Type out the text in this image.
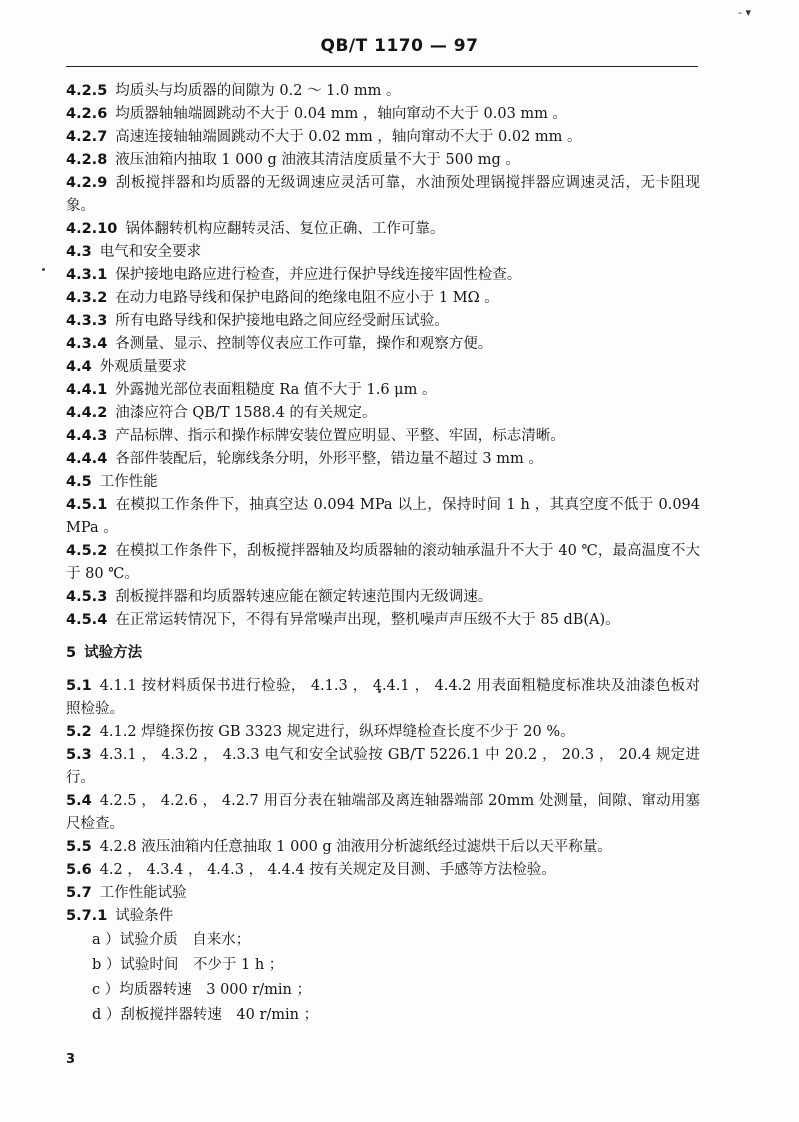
- ▾
QB/T 1170 — 97

4.2.5 均质头与均质器的间隙为 0.2 ～ 1.0 mm 。

4.2.6 均质器轴轴端圆跳动不大于 0.04 mm ，轴向窜动不大于 0.03 mm 。

4.2.7 高速连接轴轴端圆跳动不大于 0.02 mm ，轴向窜动不大于 0.02 mm 。

4.2.8 液压油箱内抽取 1 000 g 油液其清洁度质量不大于 500 mg 。

4.2.9 刮板搅拌器和均质器的无级调速应灵活可靠，水油预处理锅搅拌器应调速灵活，无卡阻现象。

4.2.10 锅体翻转机构应翻转灵活、复位正确、工作可靠。

4.3 电气和安全要求

4.3.1 保护接地电路应进行检查，并应进行保护导线连接牢固性检查。

4.3.2 在动力电路导线和保护电路间的绝缘电阻不应小于 1 MΩ 。

4.3.3 所有电路导线和保护接地电路之间应经受耐压试验。

4.3.4 各测量、显示、控制等仪表应工作可靠，操作和观察方便。

4.4 外观质量要求

4.4.1 外露抛光部位表面粗糙度 Ra 值不大于 1.6 μm 。

4.4.2 油漆应符合 QB/T 1588.4 的有关规定。

4.4.3 产品标牌、指示和操作标牌安装位置应明显、平整、牢固，标志清晰。

4.4.4 各部件装配后，轮廓线条分明，外形平整，错边量不超过 3 mm 。

4.5 工作性能

4.5.1 在模拟工作条件下，抽真空达 0.094 MPa 以上，保持时间 1 h ，其真空度不低于 0.094 MPa 。

4.5.2 在模拟工作条件下，刮板搅拌器轴及均质器轴的滚动轴承温升不大于 40 ℃，最高温度不大于 80 ℃。

4.5.3 刮板搅拌器和均质器转速应能在额定转速范围内无级调速。

4.5.4 在正常运转情况下，不得有异常噪声出现，整机噪声声压级不大于 85 dB(A)。

5 试验方法

5.1 4.1.1 按材料质保书进行检验， 4.1.3 ， 4.4.1 ， 4.4.2 用表面粗糙度标准块及油漆色板对照检验。

5.2 4.1.2 焊缝探伤按 GB 3323 规定进行，纵环焊缝检查长度不少于 20 %。

5.3 4.3.1 ， 4.3.2 ， 4.3.3 电气和安全试验按 GB/T 5226.1 中 20.2 ， 20.3 ， 20.4 规定进行。

5.4 4.2.5 ， 4.2.6 ， 4.2.7 用百分表在轴端部及离连轴器端部 20mm 处测量，间隙、窜动用塞尺检查。

5.5 4.2.8 液压油箱内任意抽取 1 000 g 油液用分析滤纸经过滤烘干后以天平称量。

5.6 4.2 ， 4.3.4 ， 4.4.3 ， 4.4.4 按有关规定及目测、手感等方法检验。

5.7 工作性能试验

5.7.1 试验条件

a ）试验介质　自来水；
b ）试验时间　不少于 1 h ；
c ）均质器转速　3 000 r/min ；
d ）刮板搅拌器转速　40 r/min ；
3
